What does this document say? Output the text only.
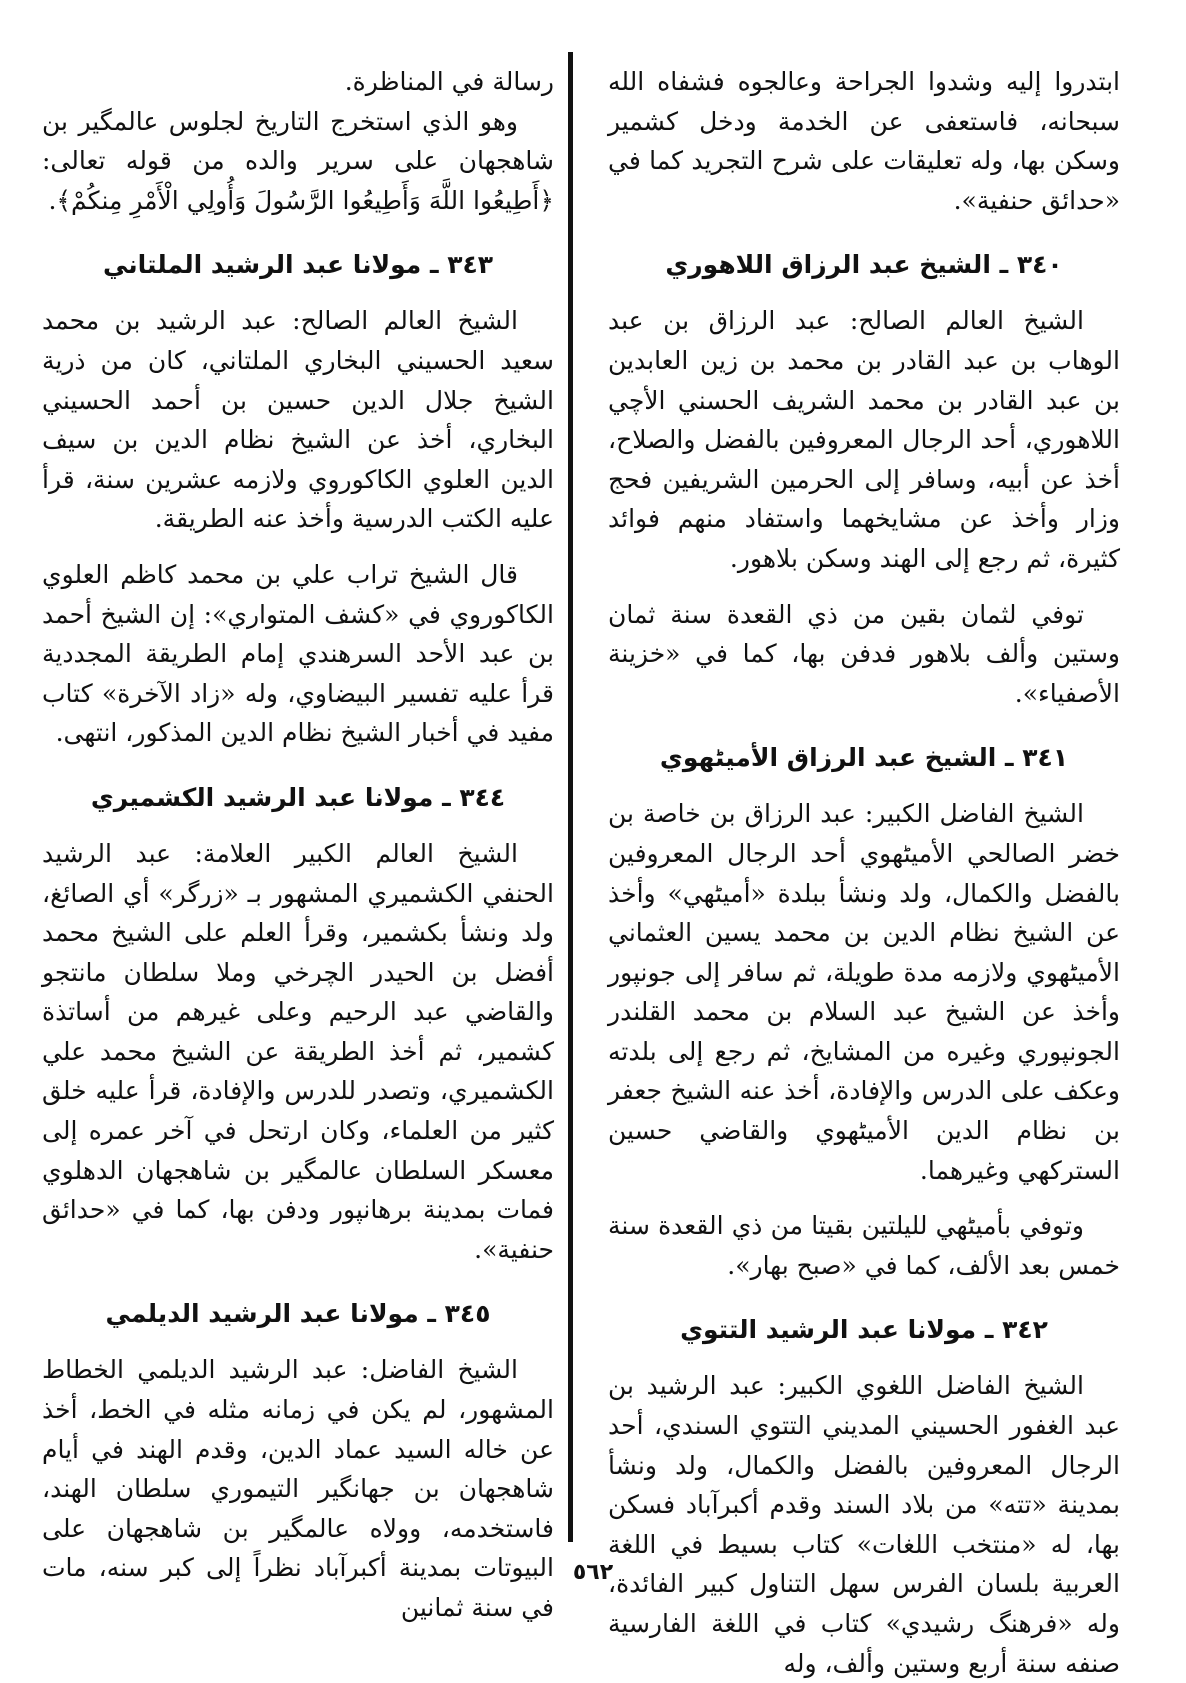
ابتدروا إليه وشدوا الجراحة وعالجوه فشفاه الله سبحانه، فاستعفى عن الخدمة ودخل كشمير وسكن بها، وله تعليقات على شرح التجريد كما في «حدائق حنفية».

٣٤٠ ـ الشيخ عبد الرزاق اللاهوري

الشيخ العالم الصالح: عبد الرزاق بن عبد الوهاب بن عبد القادر بن محمد بن زين العابدين بن عبد القادر بن محمد الشريف الحسني الأچي اللاهوري، أحد الرجال المعروفين بالفضل والصلاح، أخذ عن أبيه، وسافر إلى الحرمين الشريفين فحج وزار وأخذ عن مشايخهما واستفاد منهم فوائد كثيرة، ثم رجع إلى الهند وسكن بلاهور.

توفي لثمان بقين من ذي القعدة سنة ثمان وستين وألف بلاهور فدفن بها، كما في «خزينة الأصفياء».

٣٤١ ـ الشيخ عبد الرزاق الأميٹهوي

الشيخ الفاضل الكبير: عبد الرزاق بن خاصة بن خضر الصالحي الأميٹهوي أحد الرجال المعروفين بالفضل والكمال، ولد ونشأ ببلدة «أميٹهي» وأخذ عن الشيخ نظام الدين بن محمد يسين العثماني الأميٹهوي ولازمه مدة طويلة، ثم سافر إلى جونپور وأخذ عن الشيخ عبد السلام بن محمد القلندر الجونپوري وغيره من المشايخ، ثم رجع إلى بلدته وعكف على الدرس والإفادة، أخذ عنه الشيخ جعفر بن نظام الدين الأميٹهوي والقاضي حسين الستركهي وغيرهما.

وتوفي بأميٹهي لليلتين بقيتا من ذي القعدة سنة خمس بعد الألف، كما في «صبح بهار».

٣٤٢ ـ مولانا عبد الرشيد التتوي

الشيخ الفاضل اللغوي الكبير: عبد الرشيد بن عبد الغفور الحسيني المديني التتوي السندي، أحد الرجال المعروفين بالفضل والكمال، ولد ونشأ بمدينة «تته» من بلاد السند وقدم أكبرآباد فسكن بها، له «منتخب اللغات» كتاب بسيط في اللغة العربية بلسان الفرس سهل التناول كبير الفائدة، وله «فرهنگ رشيدي» كتاب في اللغة الفارسية صنفه سنة أربع وستين وألف، وله

رسالة في المناظرة.

وهو الذي استخرج التاريخ لجلوس عالمگير بن شاهجهان على سرير والده من قوله تعالى: ﴿أَطِيعُوا اللَّهَ وَأَطِيعُوا الرَّسُولَ وَأُولِي الْأَمْرِ مِنكُمْ﴾.

٣٤٣ ـ مولانا عبد الرشيد الملتاني

الشيخ العالم الصالح: عبد الرشيد بن محمد سعيد الحسيني البخاري الملتاني، كان من ذرية الشيخ جلال الدين حسين بن أحمد الحسيني البخاري، أخذ عن الشيخ نظام الدين بن سيف الدين العلوي الكاكوروي ولازمه عشرين سنة، قرأ عليه الكتب الدرسية وأخذ عنه الطريقة.

قال الشيخ تراب علي بن محمد كاظم العلوي الكاكوروي في «كشف المتواري»: إن الشيخ أحمد بن عبد الأحد السرهندي إمام الطريقة المجددية قرأ عليه تفسير البيضاوي، وله «زاد الآخرة» كتاب مفيد في أخبار الشيخ نظام الدين المذكور، انتهى.

٣٤٤ ـ مولانا عبد الرشيد الكشميري

الشيخ العالم الكبير العلامة: عبد الرشيد الحنفي الكشميري المشهور بـ «زرگر» أي الصائغ، ولد ونشأ بكشمير، وقرأ العلم على الشيخ محمد أفضل بن الحيدر الچرخي وملا سلطان مانتجو والقاضي عبد الرحيم وعلى غيرهم من أساتذة كشمير، ثم أخذ الطريقة عن الشيخ محمد علي الكشميري، وتصدر للدرس والإفادة، قرأ عليه خلق كثير من العلماء، وكان ارتحل في آخر عمره إلى معسكر السلطان عالمگير بن شاهجهان الدهلوي فمات بمدينة برهانپور ودفن بها، كما في «حدائق حنفية».

٣٤٥ ـ مولانا عبد الرشيد الديلمي

الشيخ الفاضل: عبد الرشيد الديلمي الخطاط المشهور، لم يكن في زمانه مثله في الخط، أخذ عن خاله السيد عماد الدين، وقدم الهند في أيام شاهجهان بن جهانگير التيموري سلطان الهند، فاستخدمه، وولاه عالمگير بن شاهجهان على البيوتات بمدينة أكبرآباد نظراً إلى كبر سنه، مات في سنة ثمانين

٥٦٢
